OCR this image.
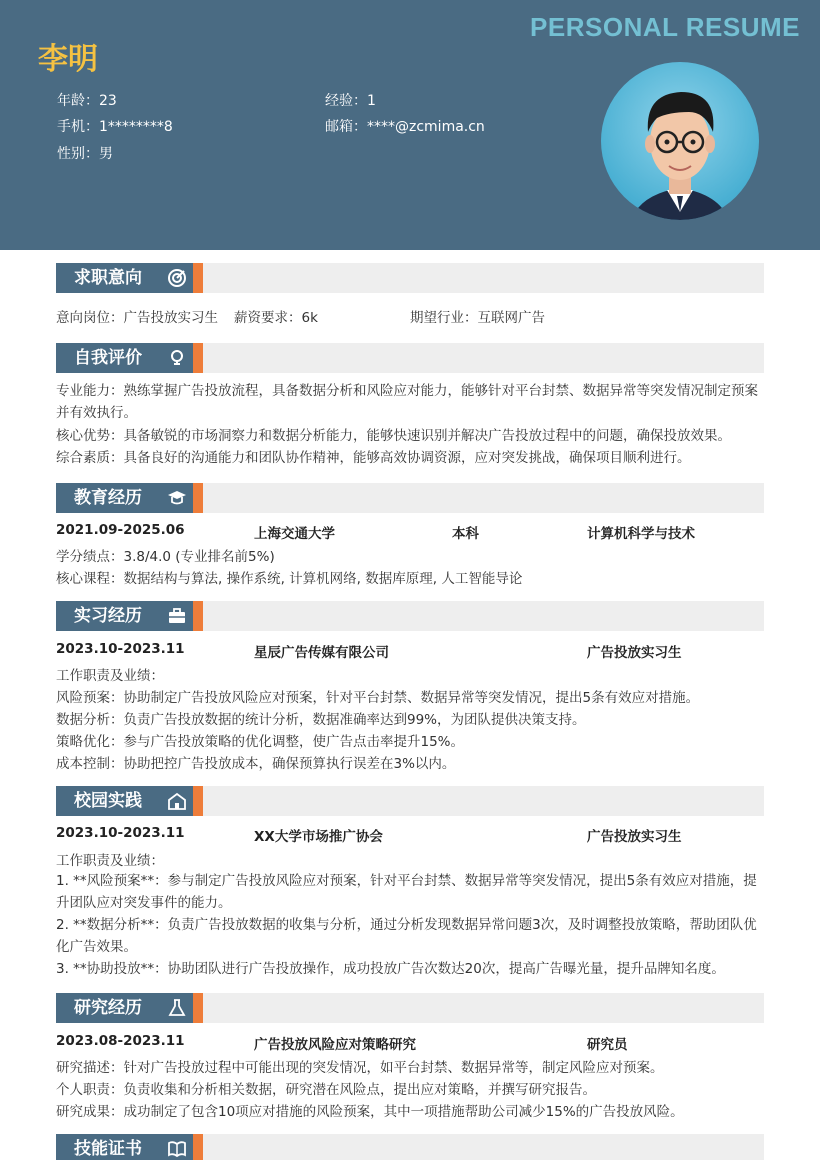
PERSONAL RESUME
李明
年龄：23	经验：1
手机：1********8	邮箱：****@zcmima.cn
性别：男
求职意向
意向岗位：广告投放实习生 薪资要求：6k	期望行业：互联网广告
自我评价
专业能力：熟练掌握广告投放流程，具备数据分析和风险应对能力，能够针对平台封禁、数据异常等突发情况制定预案并有效执行。
核心优势：具备敏锐的市场洞察力和数据分析能力，能够快速识别并解决广告投放过程中的问题，确保投放效果。
综合素质：具备良好的沟通能力和团队协作精神，能够高效协调资源，应对突发挑战，确保项目顺利进行。
教育经历
2021.09-2025.06	上海交通大学	本科	计算机科学与技术
学分绩点：3.8/4.0 (专业排名前5%)
核心课程：数据结构与算法, 操作系统, 计算机网络, 数据库原理, 人工智能导论
实习经历
2023.10-2023.11	星辰广告传媒有限公司	广告投放实习生
工作职责及业绩：
风险预案：协助制定广告投放风险应对预案，针对平台封禁、数据异常等突发情况，提出5条有效应对措施。
数据分析：负责广告投放数据的统计分析，数据准确率达到99%，为团队提供决策支持。
策略优化：参与广告投放策略的优化调整，使广告点击率提升15%。
成本控制：协助把控广告投放成本，确保预算执行误差在3%以内。
校园实践
2023.10-2023.11	XX大学市场推广协会	广告投放实习生
工作职责及业绩：
1. **风险预案**：参与制定广告投放风险应对预案，针对平台封禁、数据异常等突发情况，提出5条有效应对措施，提升团队应对突发事件的能力。
2. **数据分析**：负责广告投放数据的收集与分析，通过分析发现数据异常问题3次，及时调整投放策略，帮助团队优化广告效果。
3. **协助投放**：协助团队进行广告投放操作，成功投放广告次数达20次，提高广告曝光量，提升品牌知名度。
研究经历
2023.08-2023.11	广告投放风险应对策略研究	研究员
研究描述：针对广告投放过程中可能出现的突发情况，如平台封禁、数据异常等，制定风险应对预案。
个人职责：负责收集和分析相关数据，研究潜在风险点，提出应对策略，并撰写研究报告。
研究成果：成功制定了包含10项应对措施的风险预案，其中一项措施帮助公司减少15%的广告投放风险。
技能证书
